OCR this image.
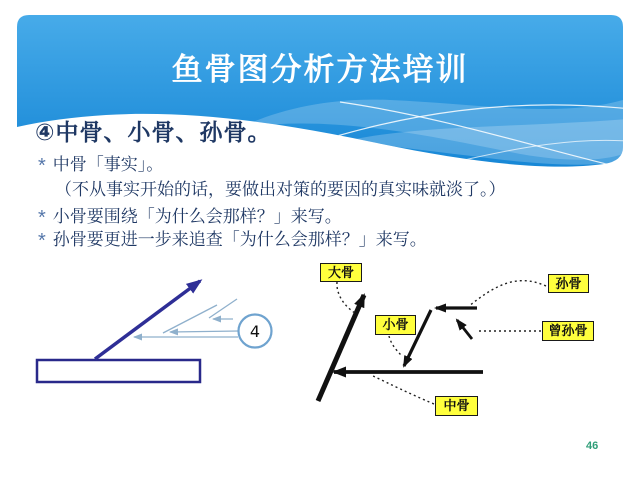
鱼骨图分析方法培训
④中骨、小骨、孙骨。
* 中骨「事实」。
（不从事实开始的话，要做出对策的要因的真实味就淡了。）
* 小骨要围绕「为什么会那样？」来写。
* 孙骨要更进一步来追查「为什么会那样？」来写。
4
大骨
孙骨
小骨	曾孙骨
中骨
46
